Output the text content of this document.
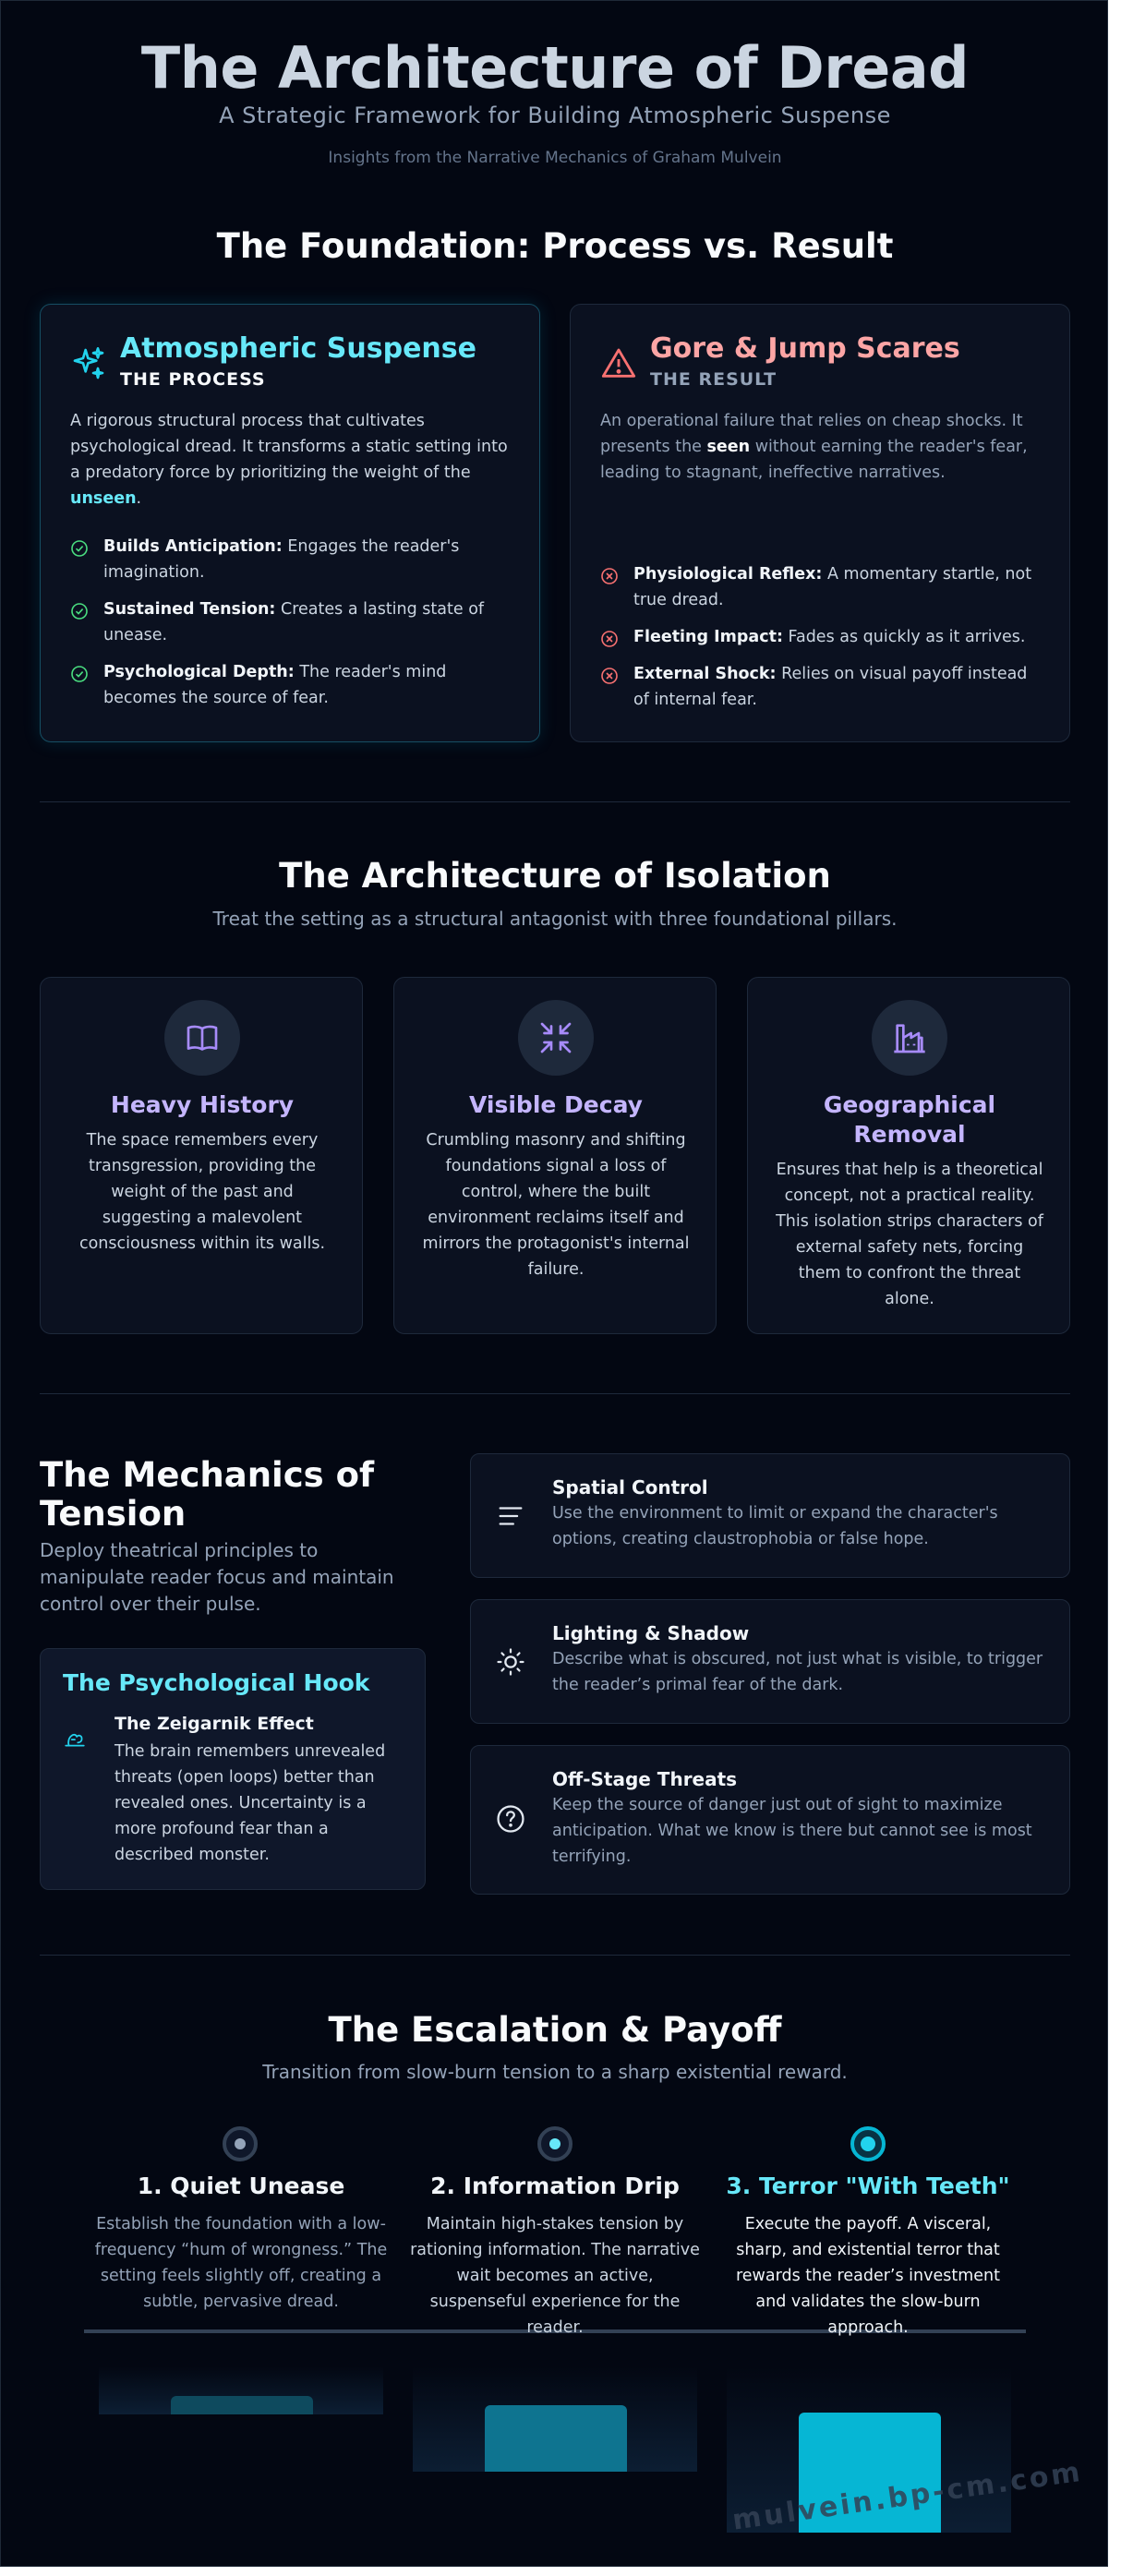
The Architecture of Dread
A Strategic Framework for Building Atmospheric Suspense
Insights from the Narrative Mechanics of Graham Mulvein
The Foundation: Process vs. Result
Atmospheric Suspense
THE PROCESS
A rigorous structural process that cultivates psychological dread. It transforms a static setting into a predatory force by prioritizing the weight of the unseen.
Builds Anticipation: Engages the reader's imagination.
Sustained Tension: Creates a lasting state of unease.
Psychological Depth: The reader's mind becomes the source of fear.
Gore & Jump Scares
THE RESULT
An operational failure that relies on cheap shocks. It presents the seen without earning the reader's fear, leading to stagnant, ineffective narratives.
Physiological Reflex: A momentary startle, not true dread.
Fleeting Impact: Fades as quickly as it arrives.
External Shock: Relies on visual payoff instead of internal fear.
The Architecture of Isolation
Treat the setting as a structural antagonist with three foundational pillars.
Heavy History
The space remembers every transgression, providing the weight of the past and suggesting a malevolent consciousness within its walls.
Visible Decay
Crumbling masonry and shifting foundations signal a loss of control, where the built environment reclaims itself and mirrors the protagonist's internal failure.
Geographical Removal
Ensures that help is a theoretical concept, not a practical reality. This isolation strips characters of external safety nets, forcing them to confront the threat alone.
The Mechanics of Tension
Deploy theatrical principles to manipulate reader focus and maintain control over their pulse.
The Psychological Hook
The Zeigarnik Effect
The brain remembers unrevealed threats (open loops) better than revealed ones. Uncertainty is a more profound fear than a described monster.
Spatial Control
Use the environment to limit or expand the character's options, creating claustrophobia or false hope.
Lighting & Shadow
Describe what is obscured, not just what is visible, to trigger the reader’s primal fear of the dark.
Off-Stage Threats
Keep the source of danger just out of sight to maximize anticipation. What we know is there but cannot see is most terrifying.
The Escalation & Payoff
Transition from slow-burn tension to a sharp existential reward.
1. Quiet Unease
Establish the foundation with a low-frequency “hum of wrongness.” The setting feels slightly off, creating a subtle, pervasive dread.
2. Information Drip
Maintain high-stakes tension by rationing information. The narrative wait becomes an active, suspenseful experience for the reader.
3. Terror "With Teeth"
Execute the payoff. A visceral, sharp, and existential terror that rewards the reader’s investment and validates the slow-burn approach.
mulvein.bp-cm.com
